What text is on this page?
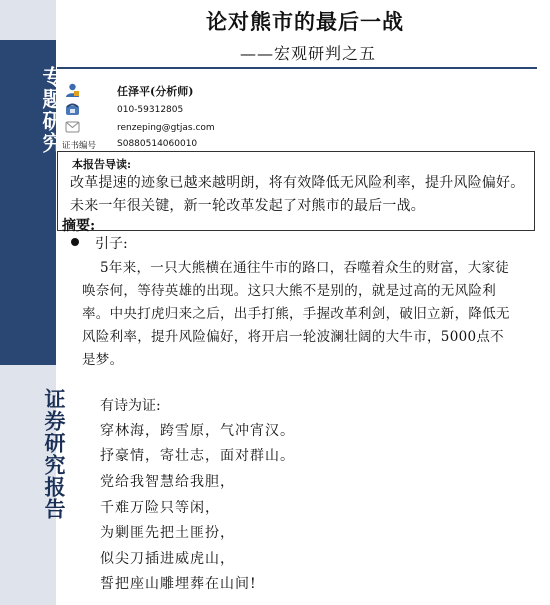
专题研究
证券研究报告
论对熊市的最后一战
——宏观研判之五
任泽平(分析师)
010-59312805
renzeping@gtjas.com
证书编号 S0880514060010
本报告导读:
改革提速的迹象已越来越明朗，将有效降低无风险利率，提升风险偏好。未来一年很关键，新一轮改革发起了对熊市的最后一战。
摘要:
引子:
5年来，一只大熊横在通往牛市的路口，吞噬着众生的财富，大家徒唤奈何，等待英雄的出现。这只大熊不是别的，就是过高的无风险利率。中央打虎归来之后，出手打熊，手握改革利剑，破旧立新，降低无风险利率，提升风险偏好，将开启一轮波澜壮阔的大牛市，5000点不是梦。
有诗为证:
穿林海，跨雪原，气冲宵汉。
抒豪情，寄壮志，面对群山。
党给我智慧给我胆，
千难万险只等闲，
为剿匪先把土匪扮，
似尖刀插进威虎山，
誓把座山雕埋葬在山间!
